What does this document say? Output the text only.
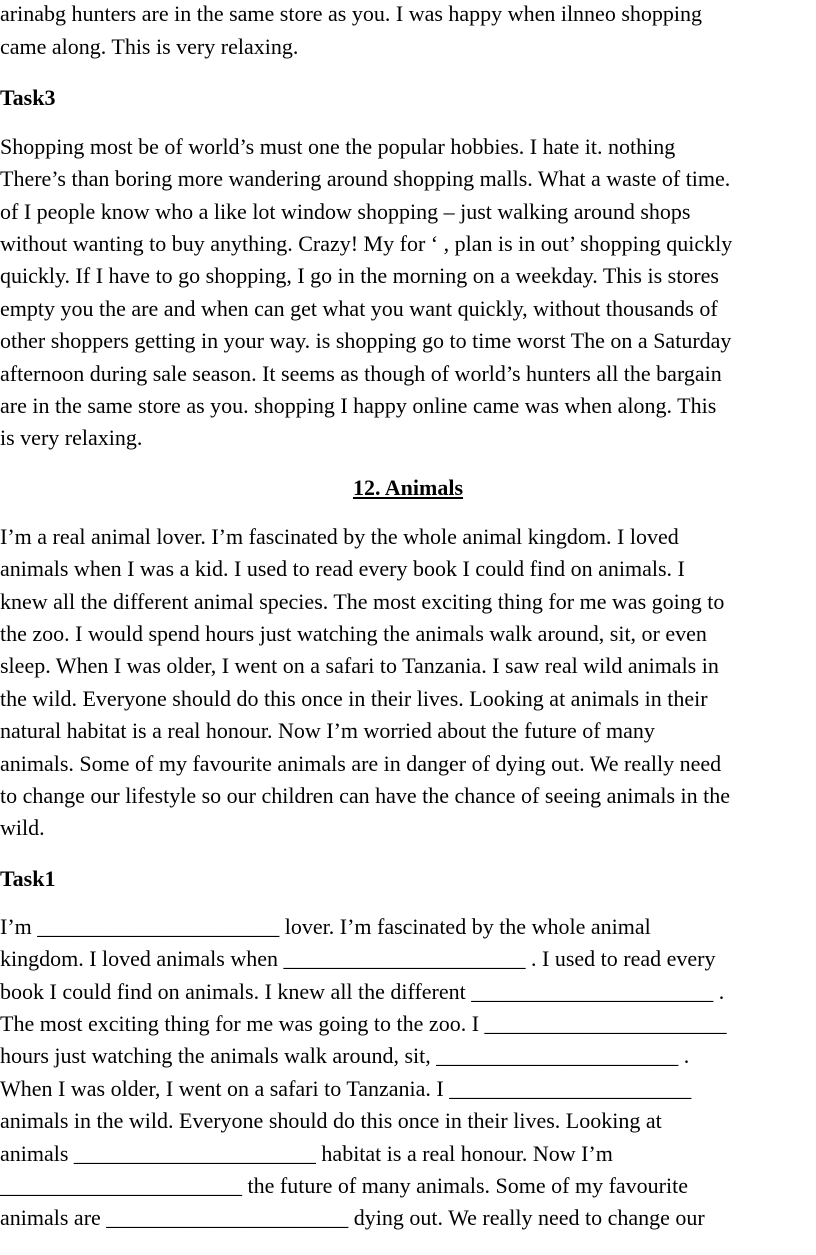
arinabg hunters are in the same store as you. I was happy when ilnneo shopping
came along. This is very relaxing.
Task3
Shopping most be of world’s must one the popular hobbies. I hate it. nothing
There’s than boring more wandering around shopping malls. What a waste of time.
of I people know who a like lot window shopping – just walking around shops
without wanting to buy anything. Crazy! My for ‘ , plan is in out’ shopping quickly
quickly. If I have to go shopping, I go in the morning on a weekday. This is stores
empty you the are and when can get what you want quickly, without thousands of
other shoppers getting in your way. is shopping go to time worst The on a Saturday
afternoon during sale season. It seems as though of world’s hunters all the bargain
are in the same store as you. shopping I happy online came was when along. This
is very relaxing.
12. Animals
I’m a real animal lover. I’m fascinated by the whole animal kingdom. I loved
animals when I was a kid. I used to read every book I could find on animals. I
knew all the different animal species. The most exciting thing for me was going to
the zoo. I would spend hours just watching the animals walk around, sit, or even
sleep. When I was older, I went on a safari to Tanzania. I saw real wild animals in
the wild. Everyone should do this once in their lives. Looking at animals in their
natural habitat is a real honour. Now I’m worried about the future of many
animals. Some of my favourite animals are in danger of dying out. We really need
to change our lifestyle so our children can have the chance of seeing animals in the
wild.
Task1
I’m ______________________ lover. I’m fascinated by the whole animal
kingdom. I loved animals when ______________________ . I used to read every
book I could find on animals. I knew all the different ______________________ .
The most exciting thing for me was going to the zoo. I ______________________
hours just watching the animals walk around, sit, ______________________ .
When I was older, I went on a safari to Tanzania. I ______________________
animals in the wild. Everyone should do this once in their lives. Looking at
animals ______________________ habitat is a real honour. Now I’m
______________________ the future of many animals. Some of my favourite
animals are ______________________ dying out. We really need to change our
